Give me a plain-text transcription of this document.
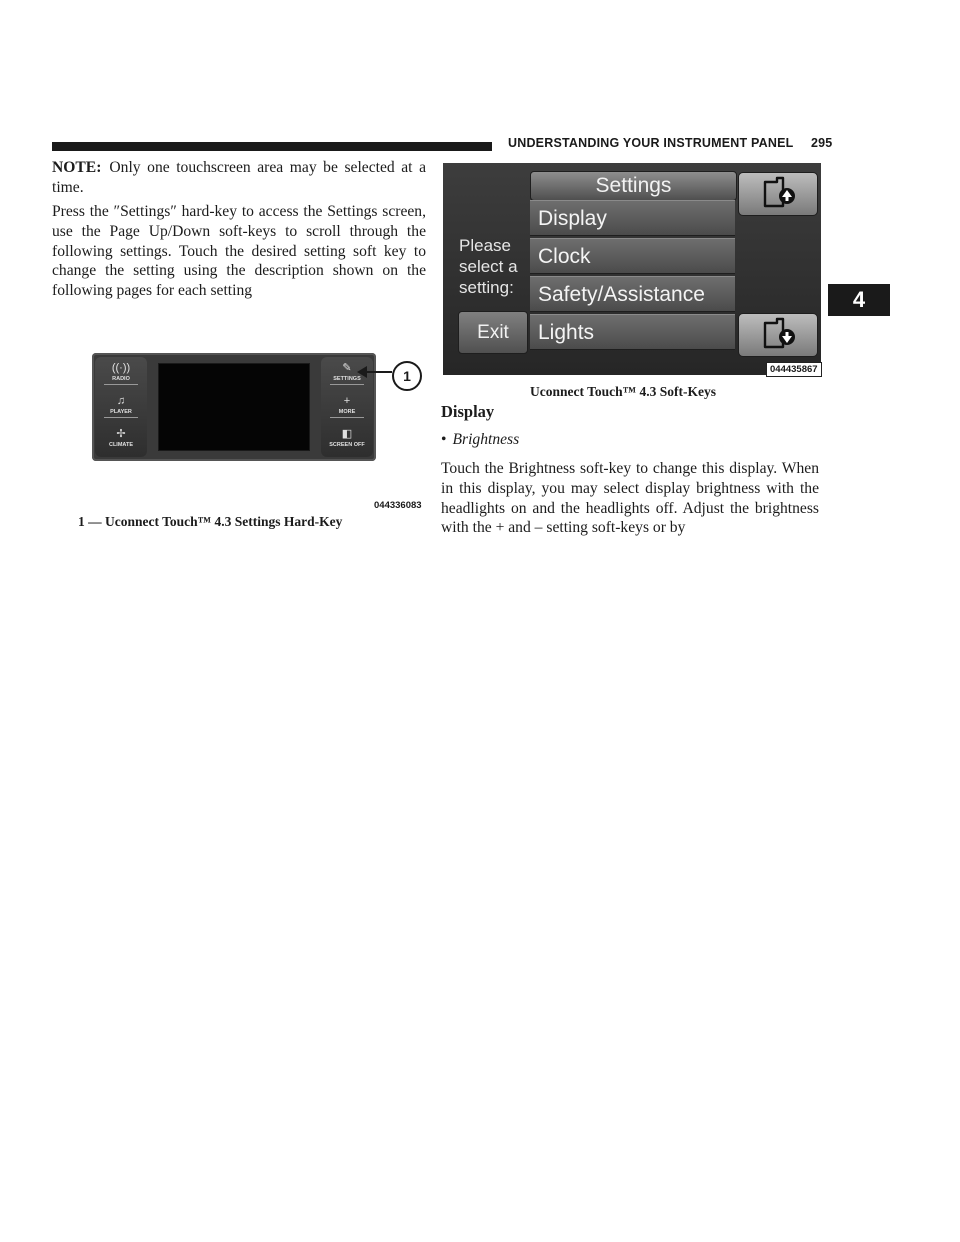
UNDERSTANDING YOUR INSTRUMENT PANEL 295
4

NOTE: Only one touchscreen area may be selected at a time.

Press the ″Settings″ hard-key to access the Settings screen, use the Page Up/Down soft-keys to scroll through the following settings. Touch the desired setting soft key to change the setting using the description shown on the following pages for each setting

((·))
RADIO
♫
PLAYER
✢
CLIMATE
✎
SETTINGS
+
MORE
◧
SCREEN OFF
1
044336083
1 — Uconnect Touch™ 4.3 Settings Hard-Key
Settings
Display
Clock
Safety/Assistance
Lights
Please select a setting:
Exit
044435867
Uconnect Touch™ 4.3 Soft-Keys
Display
• Brightness

Touch the Brightness soft-key to change this display. When in this display, you may select display brightness with the headlights on and the headlights off. Adjust the brightness with the + and – setting soft-keys or by
